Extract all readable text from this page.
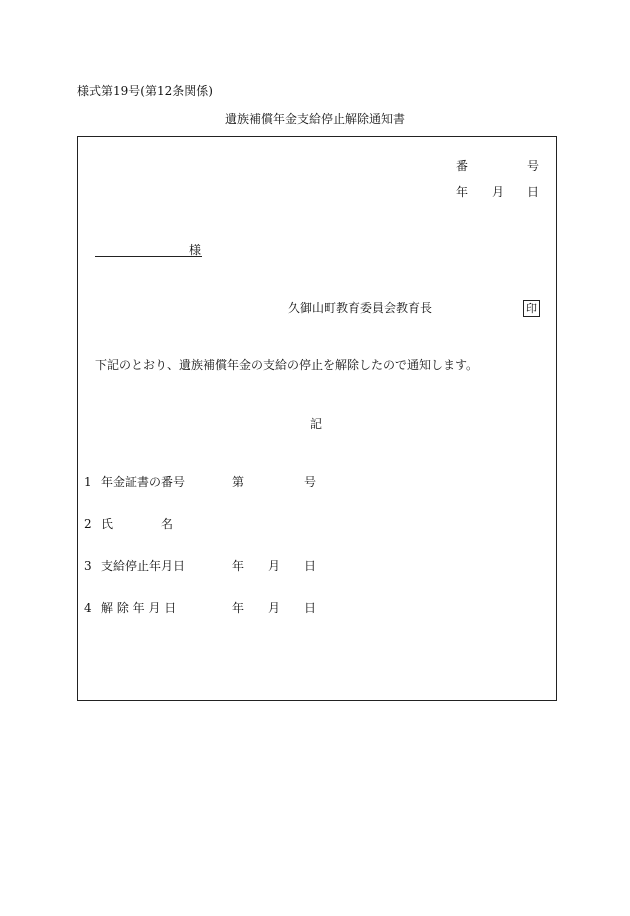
様式第19号(第12条関係)
遺族補償年金支給停止解除通知書
番	号
年 月 日
様
久御山町教育委員会教育長	印
下記のとおり、遺族補償年金の支給の停止を解除したので通知します。
記
1 年金証書の番号	第	号
2 氏　　　　名
3 支給停止年月日	年 月 日
4 解 除 年 月 日	年 月 日
